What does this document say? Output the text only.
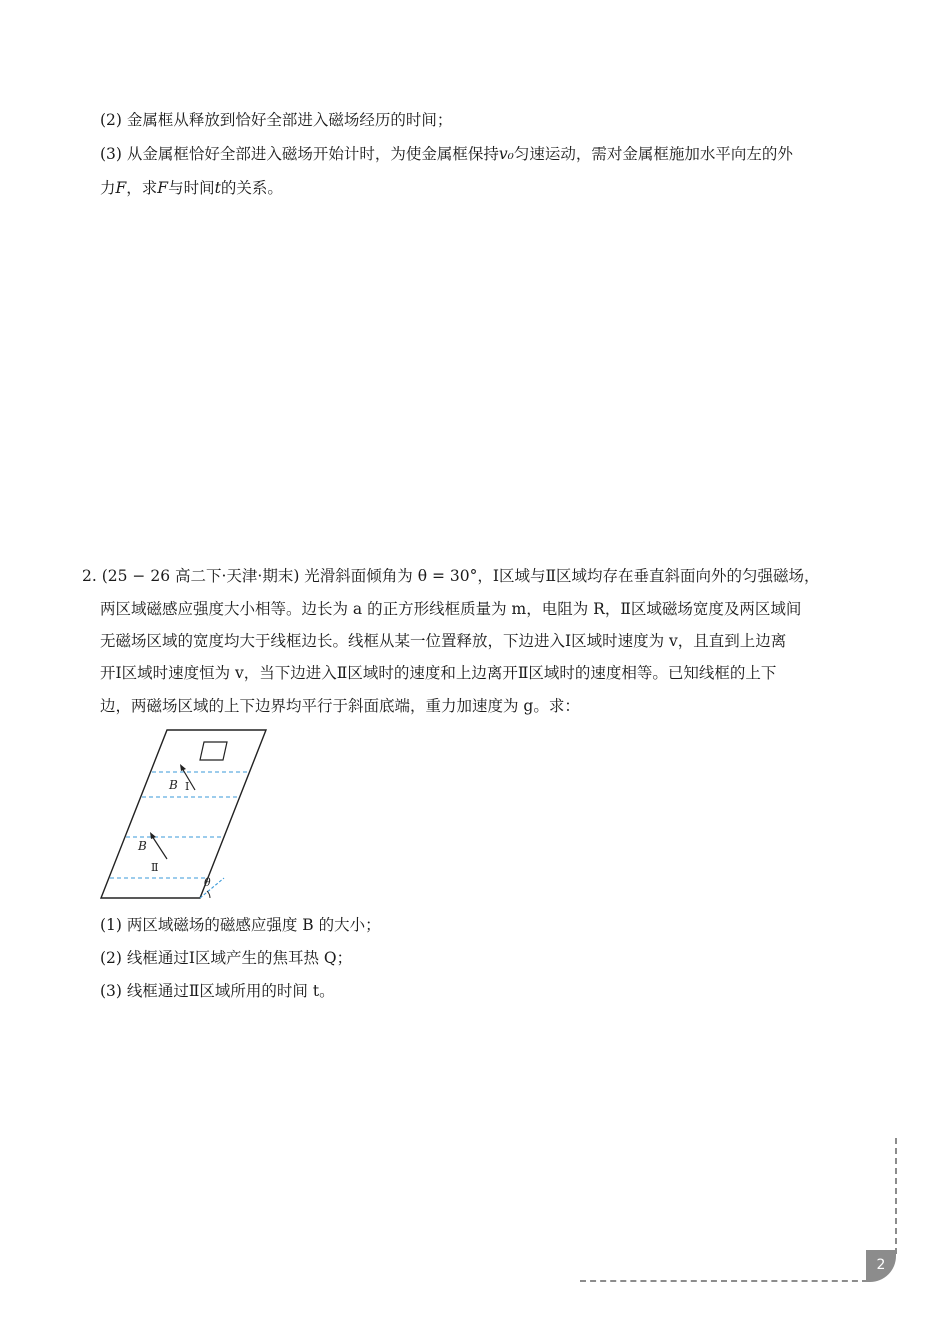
(2) 金属框从释放到恰好全部进入磁场经历的时间；
(3) 从金属框恰好全部进入磁场开始计时，为使金属框保持v₀匀速运动，需对金属框施加水平向左的外
力F，求F与时间t的关系。
2. (25 − 26 高二下·天津·期末) 光滑斜面倾角为 θ = 30°，Ⅰ区域与Ⅱ区域均存在垂直斜面向外的匀强磁场，
两区域磁感应强度大小相等。边长为 a 的正方形线框质量为 m，电阻为 R，Ⅱ区域磁场宽度及两区域间
无磁场区域的宽度均大于线框边长。线框从某一位置释放，下边进入Ⅰ区域时速度为 v，且直到上边离
开Ⅰ区域时速度恒为 v，当下边进入Ⅱ区域时的速度和上边离开Ⅱ区域时的速度相等。已知线框的上下
边，两磁场区域的上下边界均平行于斜面底端，重力加速度为 g。求：
B Ⅰ
B
Ⅱ
θ
(1) 两区域磁场的磁感应强度 B 的大小；
(2) 线框通过Ⅰ区域产生的焦耳热 Q；
(3) 线框通过Ⅱ区域所用的时间 t。
2
